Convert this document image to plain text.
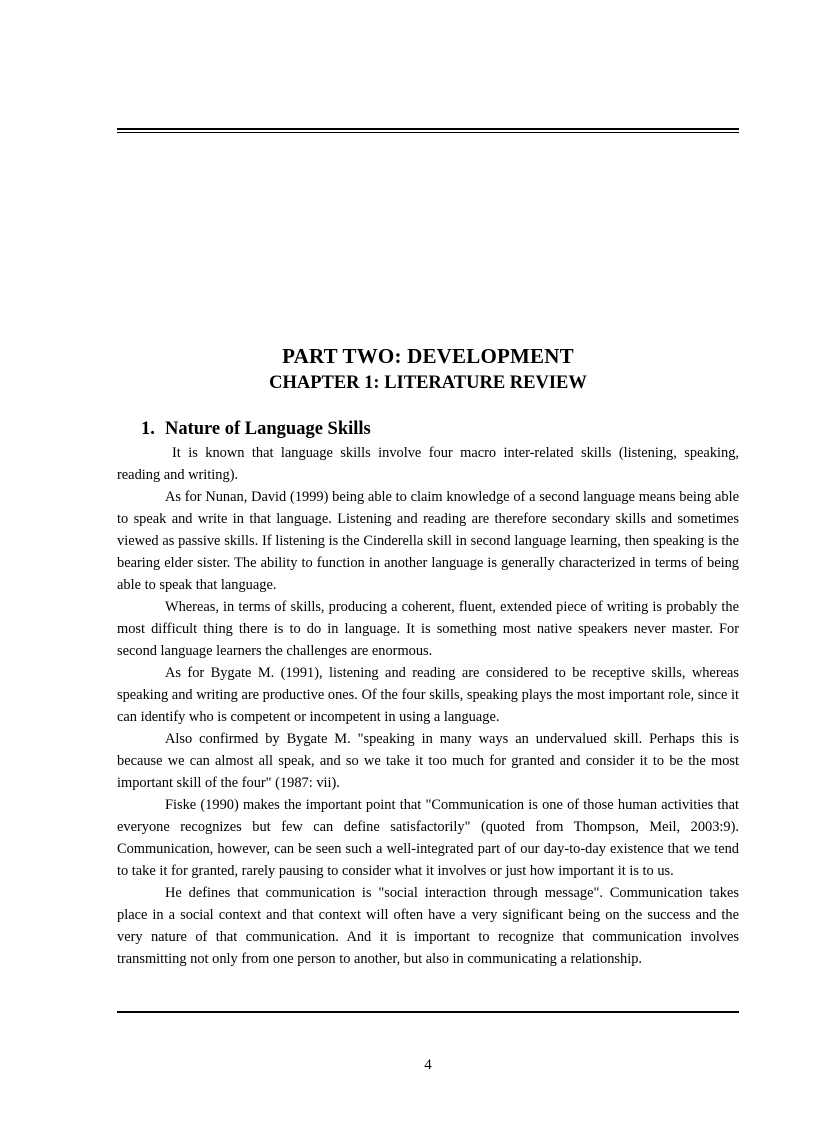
PART TWO: DEVELOPMENT
CHAPTER 1: LITERATURE REVIEW
1. Nature of Language Skills

It is known that language skills involve four macro inter-related skills (listening, speaking, reading and writing).

As for Nunan, David (1999) being able to claim knowledge of a second language means being able to speak and write in that language. Listening and reading are therefore secondary skills and sometimes viewed as passive skills. If listening is the Cinderella skill in second language learning, then speaking is the bearing elder sister. The ability to function in another language is generally characterized in terms of being able to speak that language.

Whereas, in terms of skills, producing a coherent, fluent, extended piece of writing is probably the most difficult thing there is to do in language. It is something most native speakers never master. For second language learners the challenges are enormous.

As for Bygate M. (1991), listening and reading are considered to be receptive skills, whereas speaking and writing are productive ones. Of the four skills, speaking plays the most important role, since it can identify who is competent or incompetent in using a language.

Also confirmed by Bygate M. "speaking in many ways an undervalued skill. Perhaps this is because we can almost all speak, and so we take it too much for granted and consider it to be the most important skill of the four" (1987: vii).

Fiske (1990) makes the important point that "Communication is one of those human activities that everyone recognizes but few can define satisfactorily" (quoted from Thompson, Meil, 2003:9). Communication, however, can be seen such a well-integrated part of our day-to-day existence that we tend to take it for granted, rarely pausing to consider what it involves or just how important it is to us.

He defines that communication is "social interaction through message". Communication takes place in a social context and that context will often have a very significant being on the success and the very nature of that communication. And it is important to recognize that communication involves transmitting not only from one person to another, but also in communicating a relationship.

4
